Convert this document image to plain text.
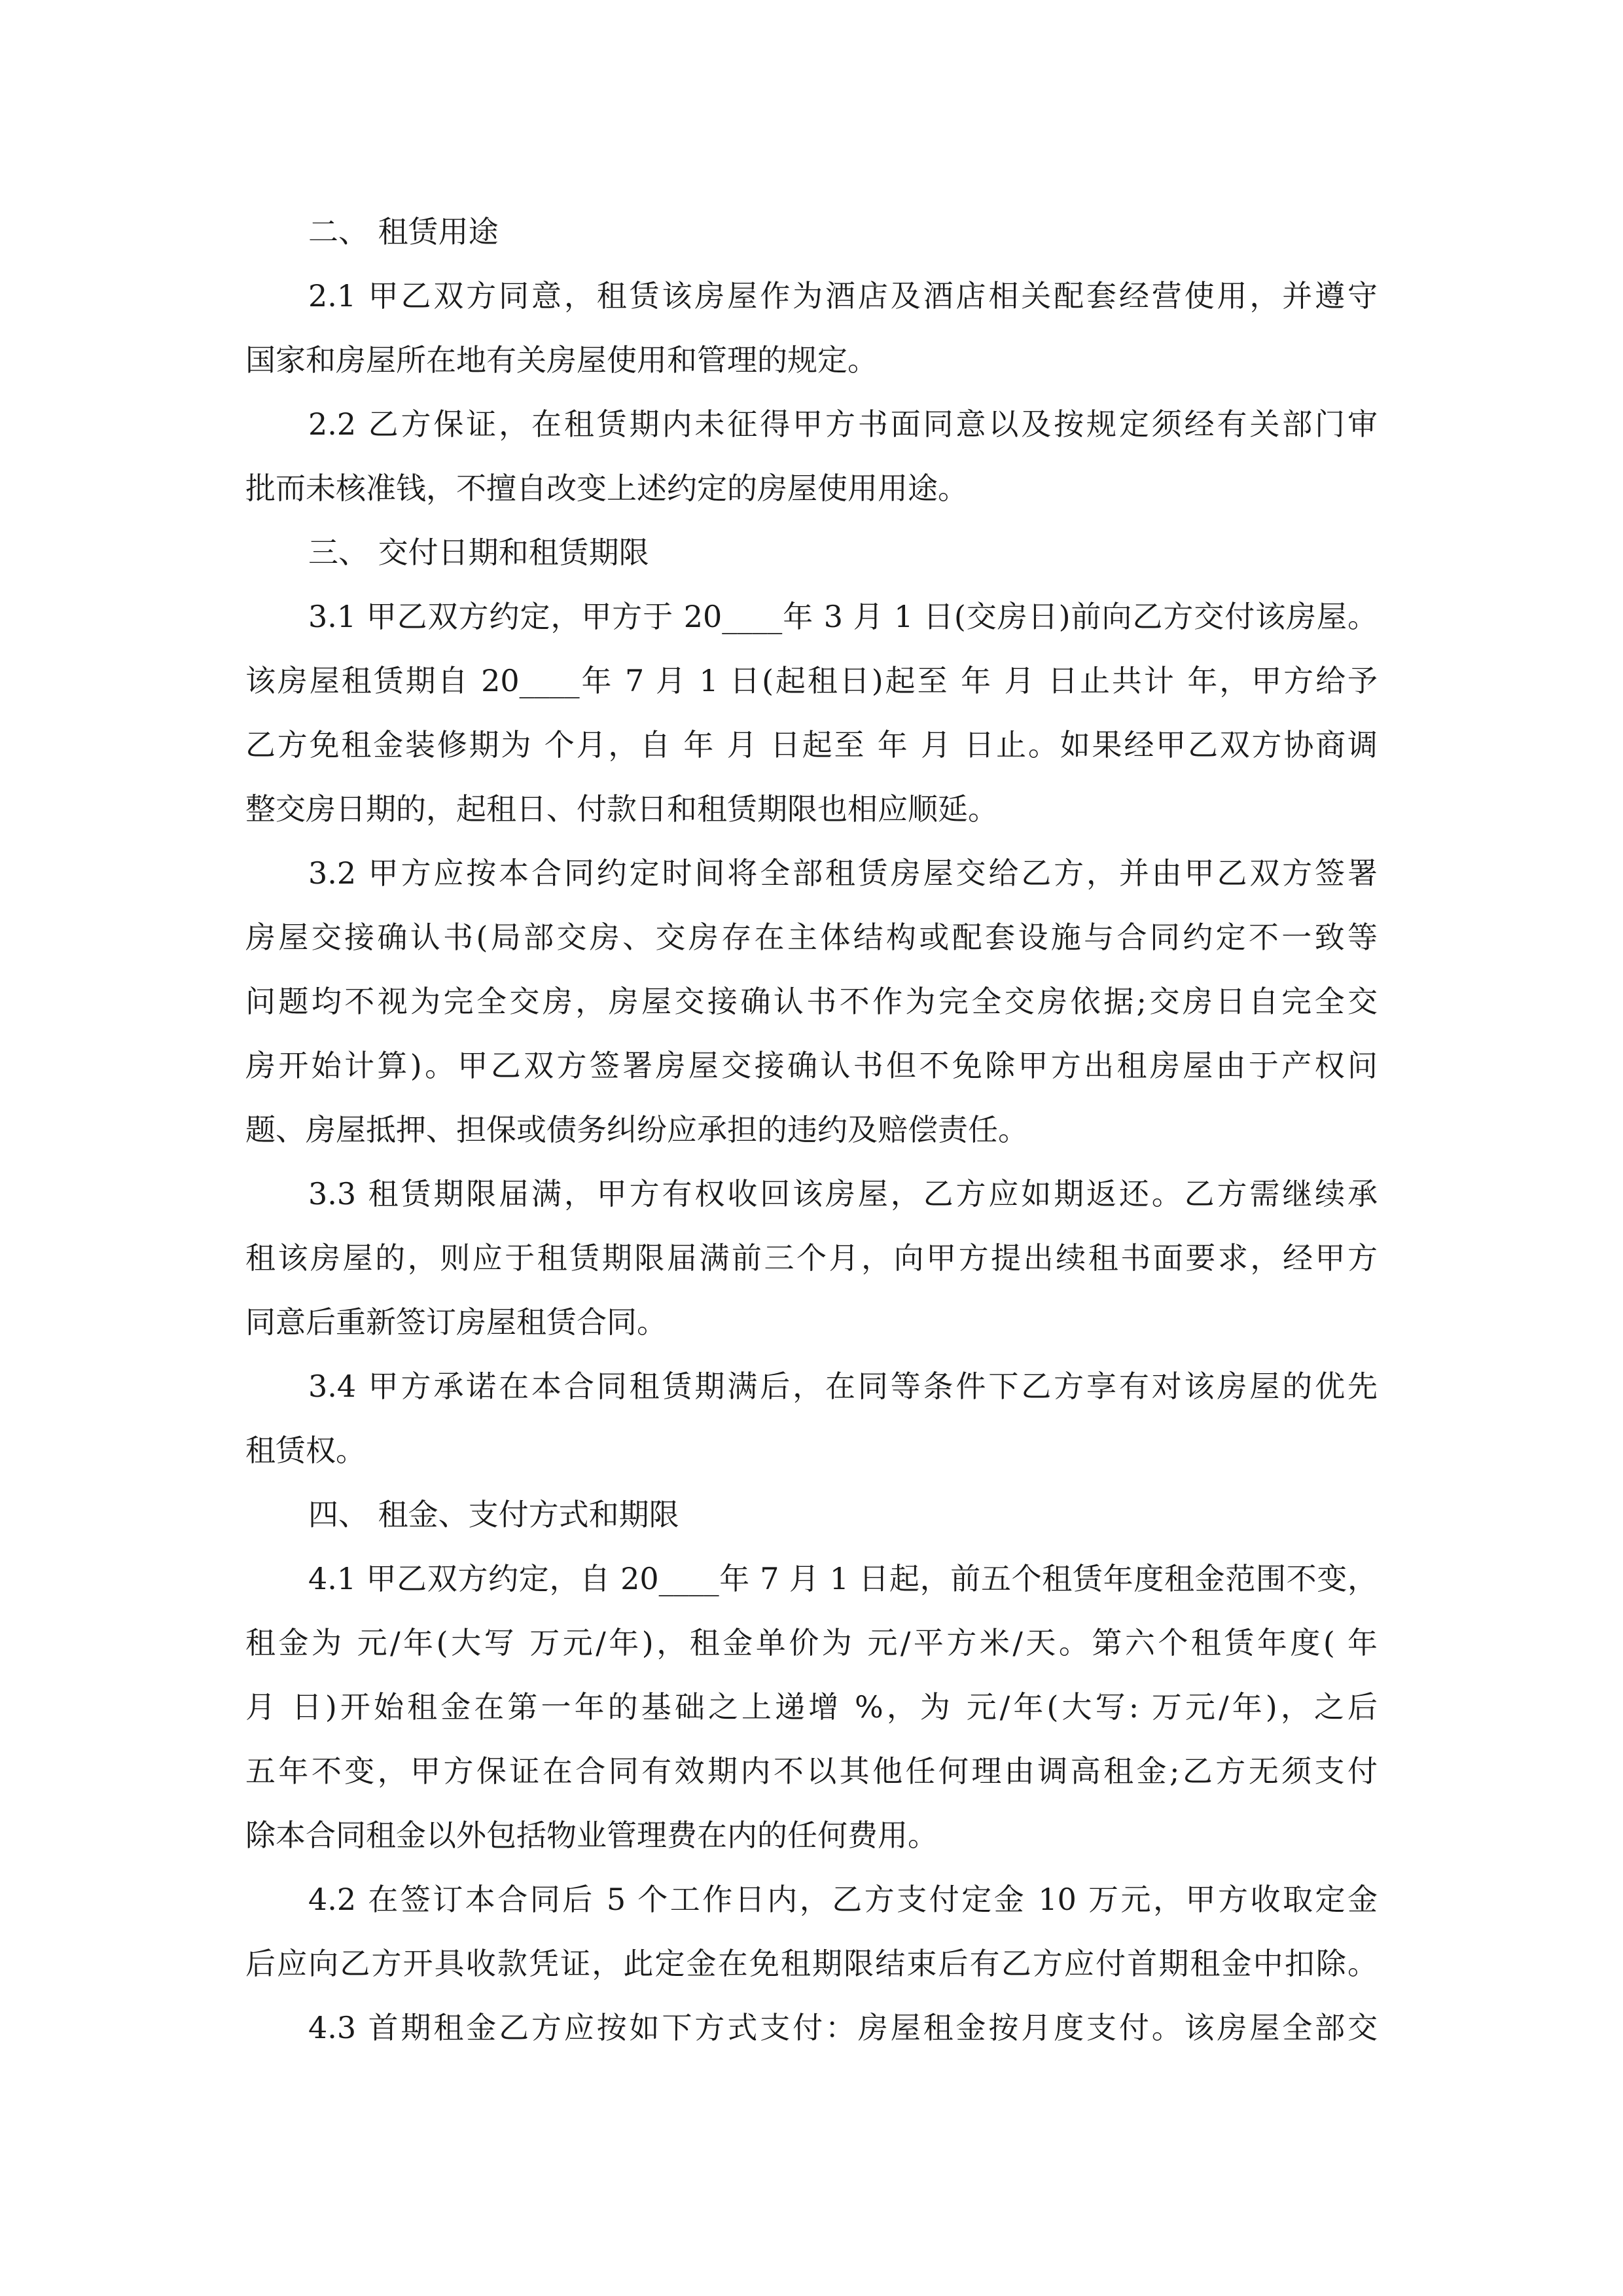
二、 租赁用途
2.1 甲乙双方同意，租赁该房屋作为酒店及酒店相关配套经营使用，并遵守
国家和房屋所在地有关房屋使用和管理的规定。
2.2 乙方保证，在租赁期内未征得甲方书面同意以及按规定须经有关部门审
批而未核准钱，不擅自改变上述约定的房屋使用用途。
三、 交付日期和租赁期限
3.1 甲乙双方约定，甲方于 20____年 3 月 1 日(交房日)前向乙方交付该房屋。
该房屋租赁期自 20____年 7 月 1 日(起租日)起至 年 月 日止共计 年，甲方给予
乙方免租金装修期为 个月，自 年 月 日起至 年 月 日止。如果经甲乙双方协商调
整交房日期的，起租日、付款日和租赁期限也相应顺延。
3.2 甲方应按本合同约定时间将全部租赁房屋交给乙方，并由甲乙双方签署
房屋交接确认书(局部交房、交房存在主体结构或配套设施与合同约定不一致等
问题均不视为完全交房，房屋交接确认书不作为完全交房依据;交房日自完全交
房开始计算)。甲乙双方签署房屋交接确认书但不免除甲方出租房屋由于产权问
题、房屋抵押、担保或债务纠纷应承担的违约及赔偿责任。
3.3 租赁期限届满，甲方有权收回该房屋，乙方应如期返还。乙方需继续承
租该房屋的，则应于租赁期限届满前三个月，向甲方提出续租书面要求，经甲方
同意后重新签订房屋租赁合同。
3.4 甲方承诺在本合同租赁期满后，在同等条件下乙方享有对该房屋的优先
租赁权。
四、 租金、支付方式和期限
4.1 甲乙双方约定，自 20____年 7 月 1 日起，前五个租赁年度租金范围不变，
租金为 元/年(大写 万元/年)，租金单价为 元/平方米/天。第六个租赁年度( 年
月 日)开始租金在第一年的基础之上递增 %，为 元/年(大写: 万元/年)，之后
五年不变，甲方保证在合同有效期内不以其他任何理由调高租金;乙方无须支付
除本合同租金以外包括物业管理费在内的任何费用。
4.2 在签订本合同后 5 个工作日内，乙方支付定金 10 万元，甲方收取定金
后应向乙方开具收款凭证，此定金在免租期限结束后有乙方应付首期租金中扣除。
4.3 首期租金乙方应按如下方式支付：房屋租金按月度支付。该房屋全部交
